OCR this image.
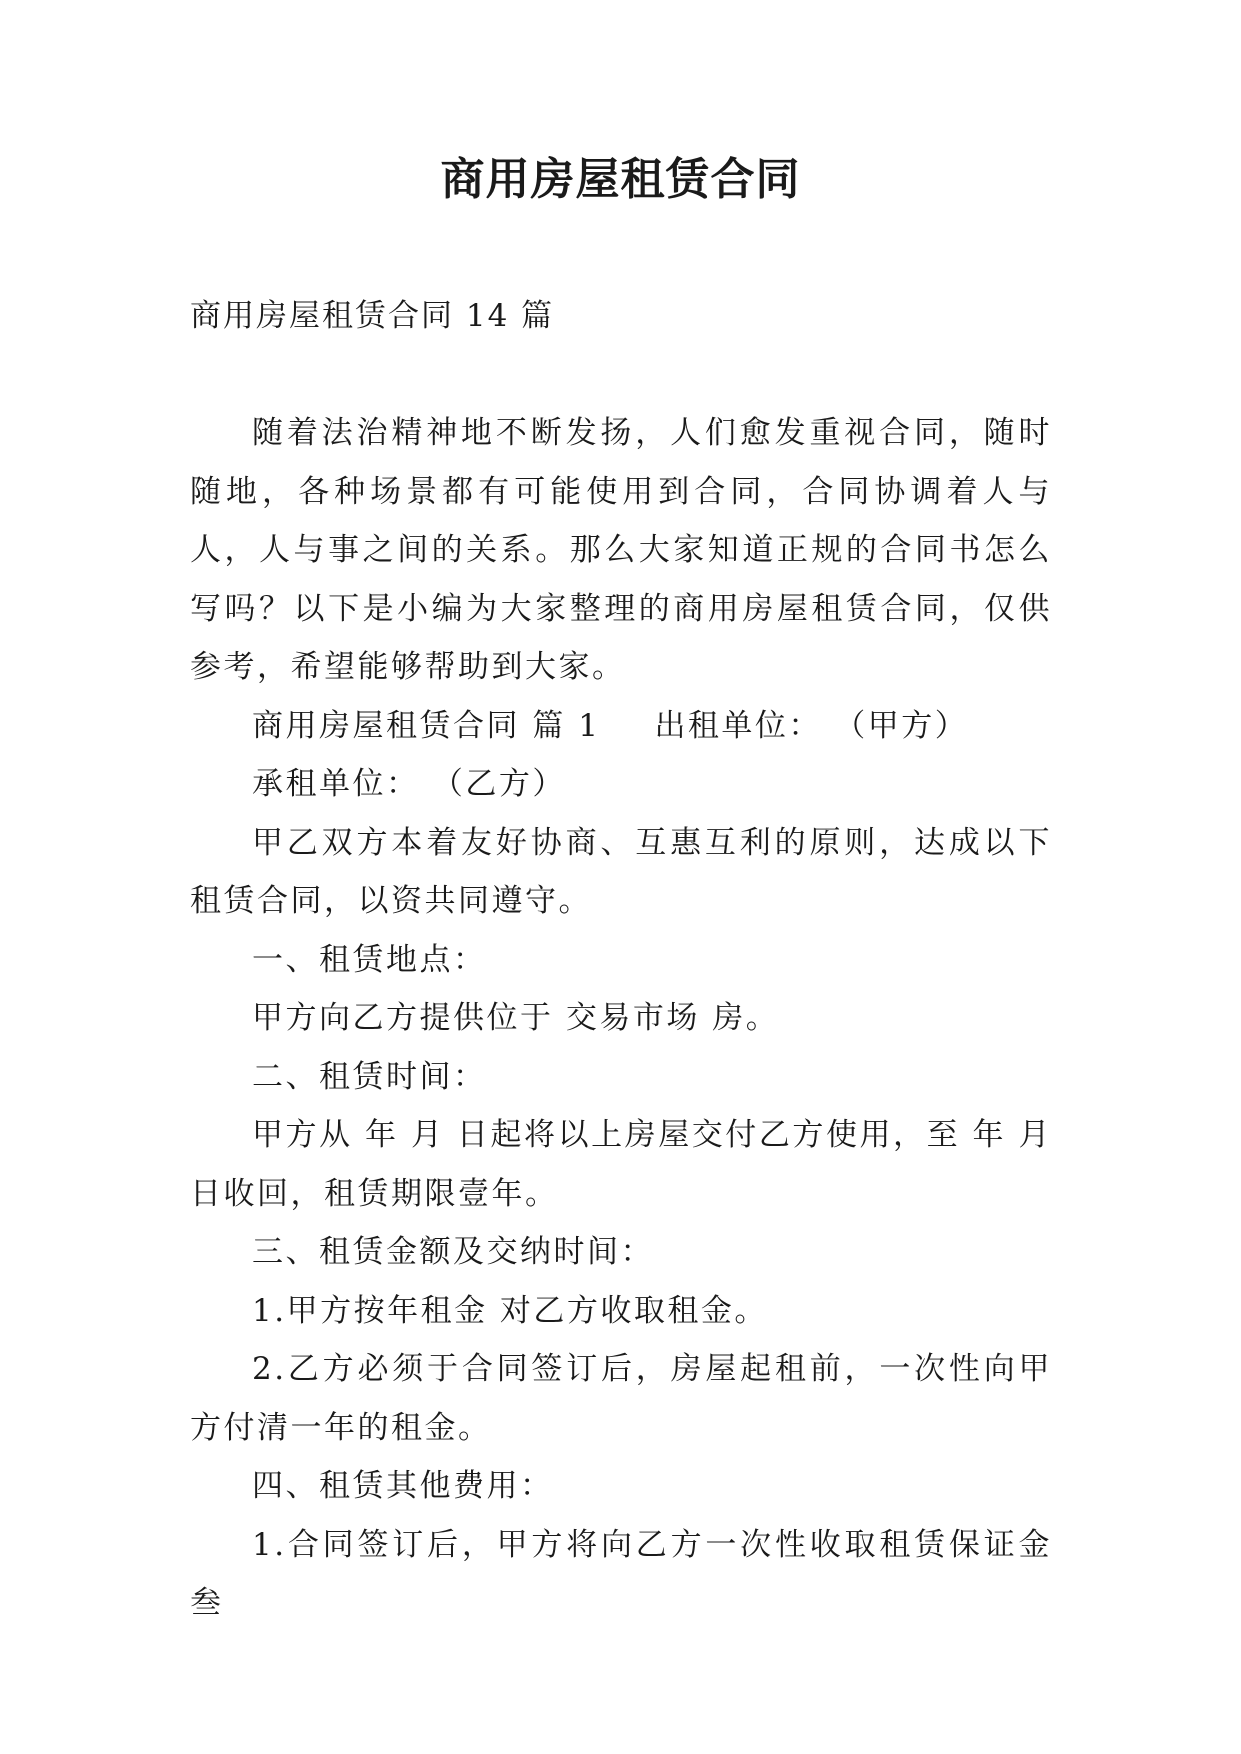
商用房屋租赁合同
商用房屋租赁合同 14 篇

随着法治精神地不断发扬，人们愈发重视合同，随时随地，各种场景都有可能使用到合同，合同协调着人与人，人与事之间的关系。那么大家知道正规的合同书怎么写吗？以下是小编为大家整理的商用房屋租赁合同，仅供参考，希望能够帮助到大家。

商用房屋租赁合同 篇 1 出租单位： （甲方）

承租单位： （乙方）

甲乙双方本着友好协商、互惠互利的原则，达成以下租赁合同，以资共同遵守。

一、租赁地点：

甲方向乙方提供位于 交易市场 房。

二、租赁时间：

甲方从 年 月 日起将以上房屋交付乙方使用，至 年 月 日收回，租赁期限壹年。

三、租赁金额及交纳时间：

1.甲方按年租金 对乙方收取租金。

2.乙方必须于合同签订后，房屋起租前，一次性向甲方付清一年的租金。

四、租赁其他费用：

1.合同签订后，甲方将向乙方一次性收取租赁保证金叁
